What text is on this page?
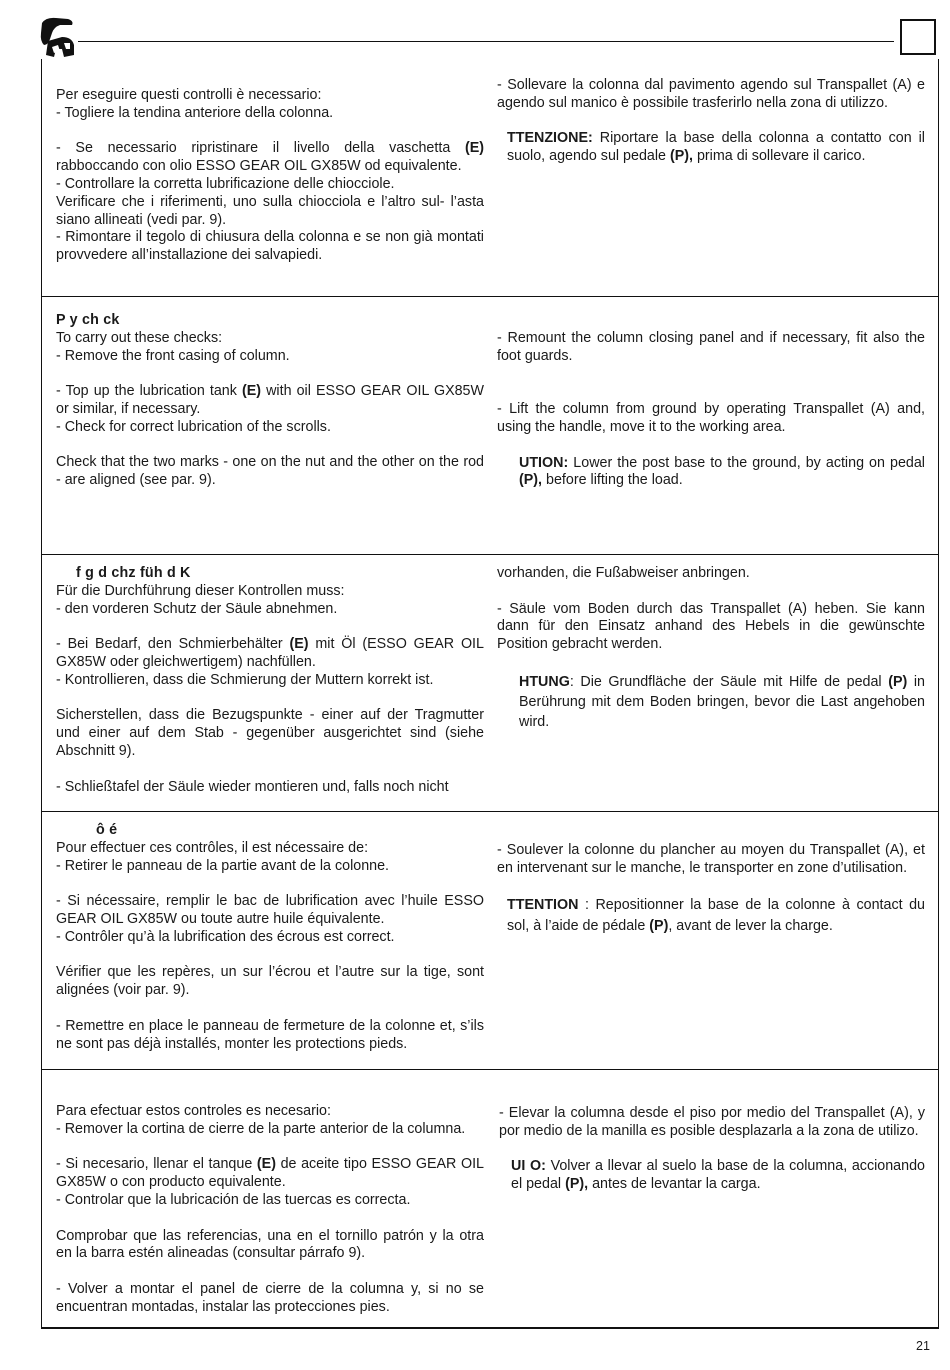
Per eseguire questi controlli è necessario:

- Togliere la tendina anteriore della colonna.

- Se necessario ripristinare il livello della vaschetta (E) rabboccando con olio ESSO GEAR OIL GX85W od equivalente.

- Controllare la corretta lubrificazione delle chiocciole.

Verificare che i riferimenti, uno sulla chiocciola e l’altro sul- l’asta siano allineati (vedi par. 9).

- Rimontare il tegolo di chiusura della colonna e se non già montati provvedere all’installazione dei salvapiedi.

- Sollevare la colonna dal pavimento agendo sul Transpallet (A) e agendo sul manico è possibile trasferirlo nella zona di utilizzo.

TTENZIONE: Riportare la base della colonna a contatto con il suolo, agendo sul pedale (P), prima di sollevare il carico.

P y ch ck

To carry out these checks:

- Remove the front casing of column.

- Top up the lubrication tank (E) with oil ESSO GEAR OIL GX85W or similar, if necessary.

- Check for correct lubrication of the scrolls.

Check that the two marks - one on the nut and the other on the rod - are aligned (see par. 9).

- Remount the column closing panel and if necessary, fit also the foot guards.

- Lift the column from ground by operating Transpallet (A) and, using the handle, move it to the working area.

UTION: Lower the post base to the ground, by acting on pedal (P), before lifting the load.

f g d chz füh d K

Für die Durchführung dieser Kontrollen muss:

- den vorderen Schutz der Säule abnehmen.

- Bei Bedarf, den Schmierbehälter (E) mit Öl (ESSO GEAR OIL GX85W oder gleichwertigem) nachfüllen.

- Kontrollieren, dass die Schmierung der Muttern korrekt ist.

Sicherstellen, dass die Bezugspunkte - einer auf der Tragmutter und einer auf dem Stab - gegenüber ausgerichtet sind (siehe Abschnitt 9).

- Schließtafel der Säule wieder montieren und, falls noch nicht

vorhanden, die Fußabweiser anbringen.

- Säule vom Boden durch das Transpallet (A) heben. Sie kann dann für den Einsatz anhand des Hebels in die gewünschte Position gebracht werden.

HTUNG: Die Grundfläche der Säule mit Hilfe de pedal (P) in Berührung mit dem Boden bringen, bevor die Last angehoben wird.

ô é

Pour effectuer ces contrôles, il est nécessaire de:

- Retirer le panneau de la partie avant de la colonne.

- Si nécessaire, remplir le bac de lubrification avec l’huile ESSO GEAR OIL GX85W ou toute autre huile équivalente.

- Contrôler qu’à la lubrification des écrous est correct.

Vérifier que les repères, un sur l’écrou et l’autre sur la tige, sont alignées (voir par. 9).

- Remettre en place le panneau de fermeture de la colonne et, s’ils ne sont pas déjà installés, monter les protections pieds.

- Soulever la colonne du plancher au moyen du Transpallet (A), et en intervenant sur le manche, le transporter en zone d’utilisation.

TTENTION : Repositionner la base de la colonne à contact du sol, à l’aide de pédale (P), avant de lever la charge.

Para efectuar estos controles es necesario:

- Remover la cortina de cierre de la parte anterior de la columna.

- Si necesario, llenar el tanque (E) de aceite tipo ESSO GEAR OIL GX85W o con producto equivalente.

- Controlar que la lubricación de las tuercas es correcta.

Comprobar que las referencias, una en el tornillo patrón y la otra en la barra estén alineadas (consultar párrafo 9).

- Volver a montar el panel de cierre de la columna y, si no se encuentran montadas, instalar las protecciones pies.

- Elevar la columna desde el piso por medio del Transpallet (A), y por medio de la manilla es posible desplazarla a la zona de utilizo.

UI O: Volver a llevar al suelo la base de la columna, accionando el pedal (P), antes de levantar la carga.

21
